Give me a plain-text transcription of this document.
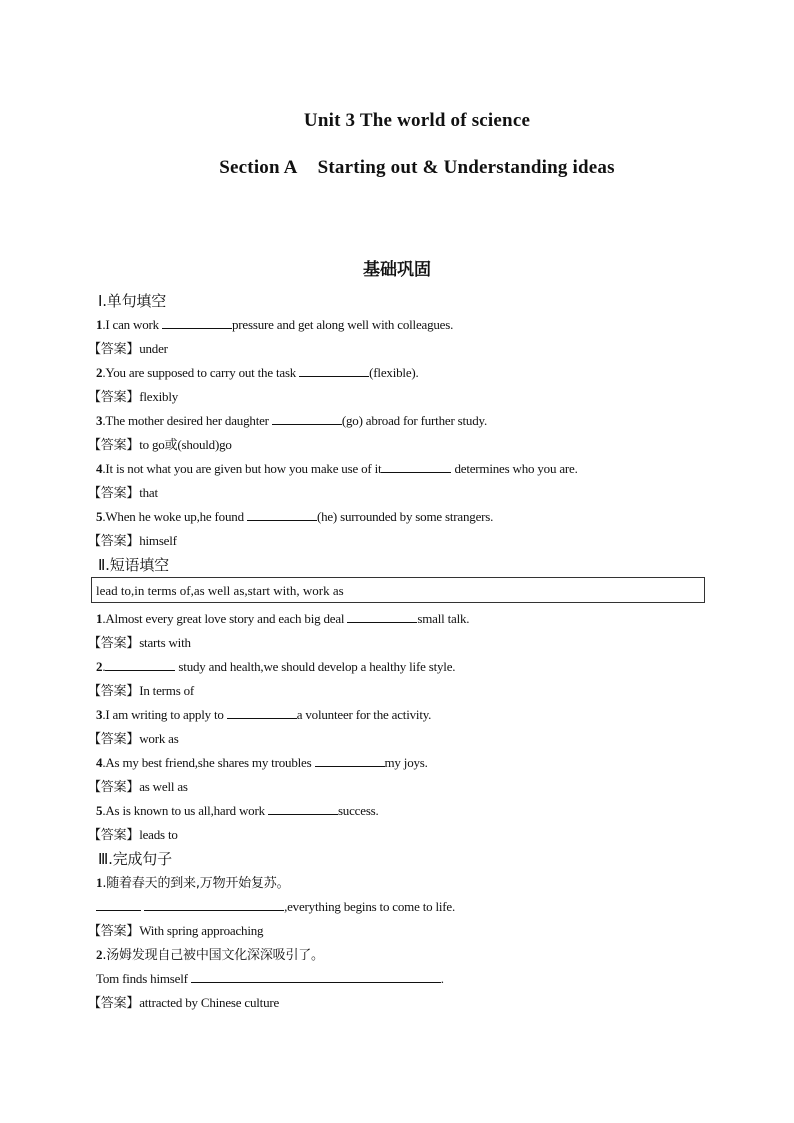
Unit 3 The world of science
Section A Starting out & Understanding ideas
基础巩固
Ⅰ.单句填空
1.I can work	pressure and get along well with colleagues.
【答案】under
2.You are supposed to carry out the task	(flexible).
【答案】flexibly
3.The mother desired her daughter	(go) abroad for further study.
【答案】to go或(should)go
4.It is not what you are given but how you make use of it	determines who you are.
【答案】that
5.When he woke up,he found	(he) surrounded by some strangers.
【答案】himself
Ⅱ.短语填空
lead to,in terms of,as well as,start with, work as
1.Almost every great love story and each big deal	small talk.
【答案】starts with
2.	study and health,we should develop a healthy life style.
【答案】In terms of
3.I am writing to apply to	a volunteer for the activity.
【答案】work as
4.As my best friend,she shares my troubles	my joys.
【答案】as well as
5.As is known to us all,hard work	success.
【答案】leads to
Ⅲ.完成句子
1.随着春天的到来,万物开始复苏。
,everything begins to come to life.
【答案】With spring approaching
2.汤姆发现自己被中国文化深深吸引了。
Tom finds himself	.
【答案】attracted by Chinese culture
